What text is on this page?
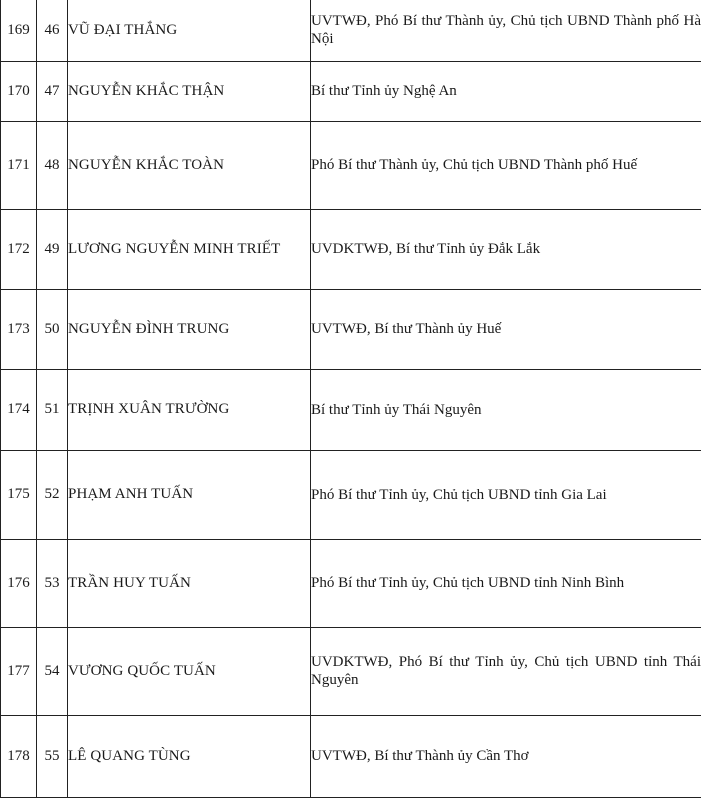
169	46	VŨ ĐẠI THẮNG	UVTWĐ, Phó Bí thư Thành ủy, Chủ tịch UBND Thành phố Hà Nội
170	47	NGUYỄN KHẮC THẬN	Bí thư Tỉnh ủy Nghệ An
171	48	NGUYỄN KHẮC TOÀN	Phó Bí thư Thành ủy, Chủ tịch UBND Thành phố Huế
172	49	LƯƠNG NGUYỄN MINH TRIẾT	UVDKTWĐ, Bí thư Tỉnh ủy Đắk Lắk
173	50	NGUYỄN ĐÌNH TRUNG	UVTWĐ, Bí thư Thành ủy Huế
174	51	TRỊNH XUÂN TRƯỜNG	Bí thư Tỉnh ủy Thái Nguyên
175	52	PHẠM ANH TUẤN	Phó Bí thư Tỉnh ủy, Chủ tịch UBND tỉnh Gia Lai
176	53	TRẦN HUY TUẤN	Phó Bí thư Tỉnh ủy, Chủ tịch UBND tỉnh Ninh Bình
177	54	VƯƠNG QUỐC TUẤN	UVDKTWĐ, Phó Bí thư Tỉnh ủy, Chủ tịch UBND tỉnh Thái Nguyên
178	55	LÊ QUANG TÙNG	UVTWĐ, Bí thư Thành ủy Cần Thơ
